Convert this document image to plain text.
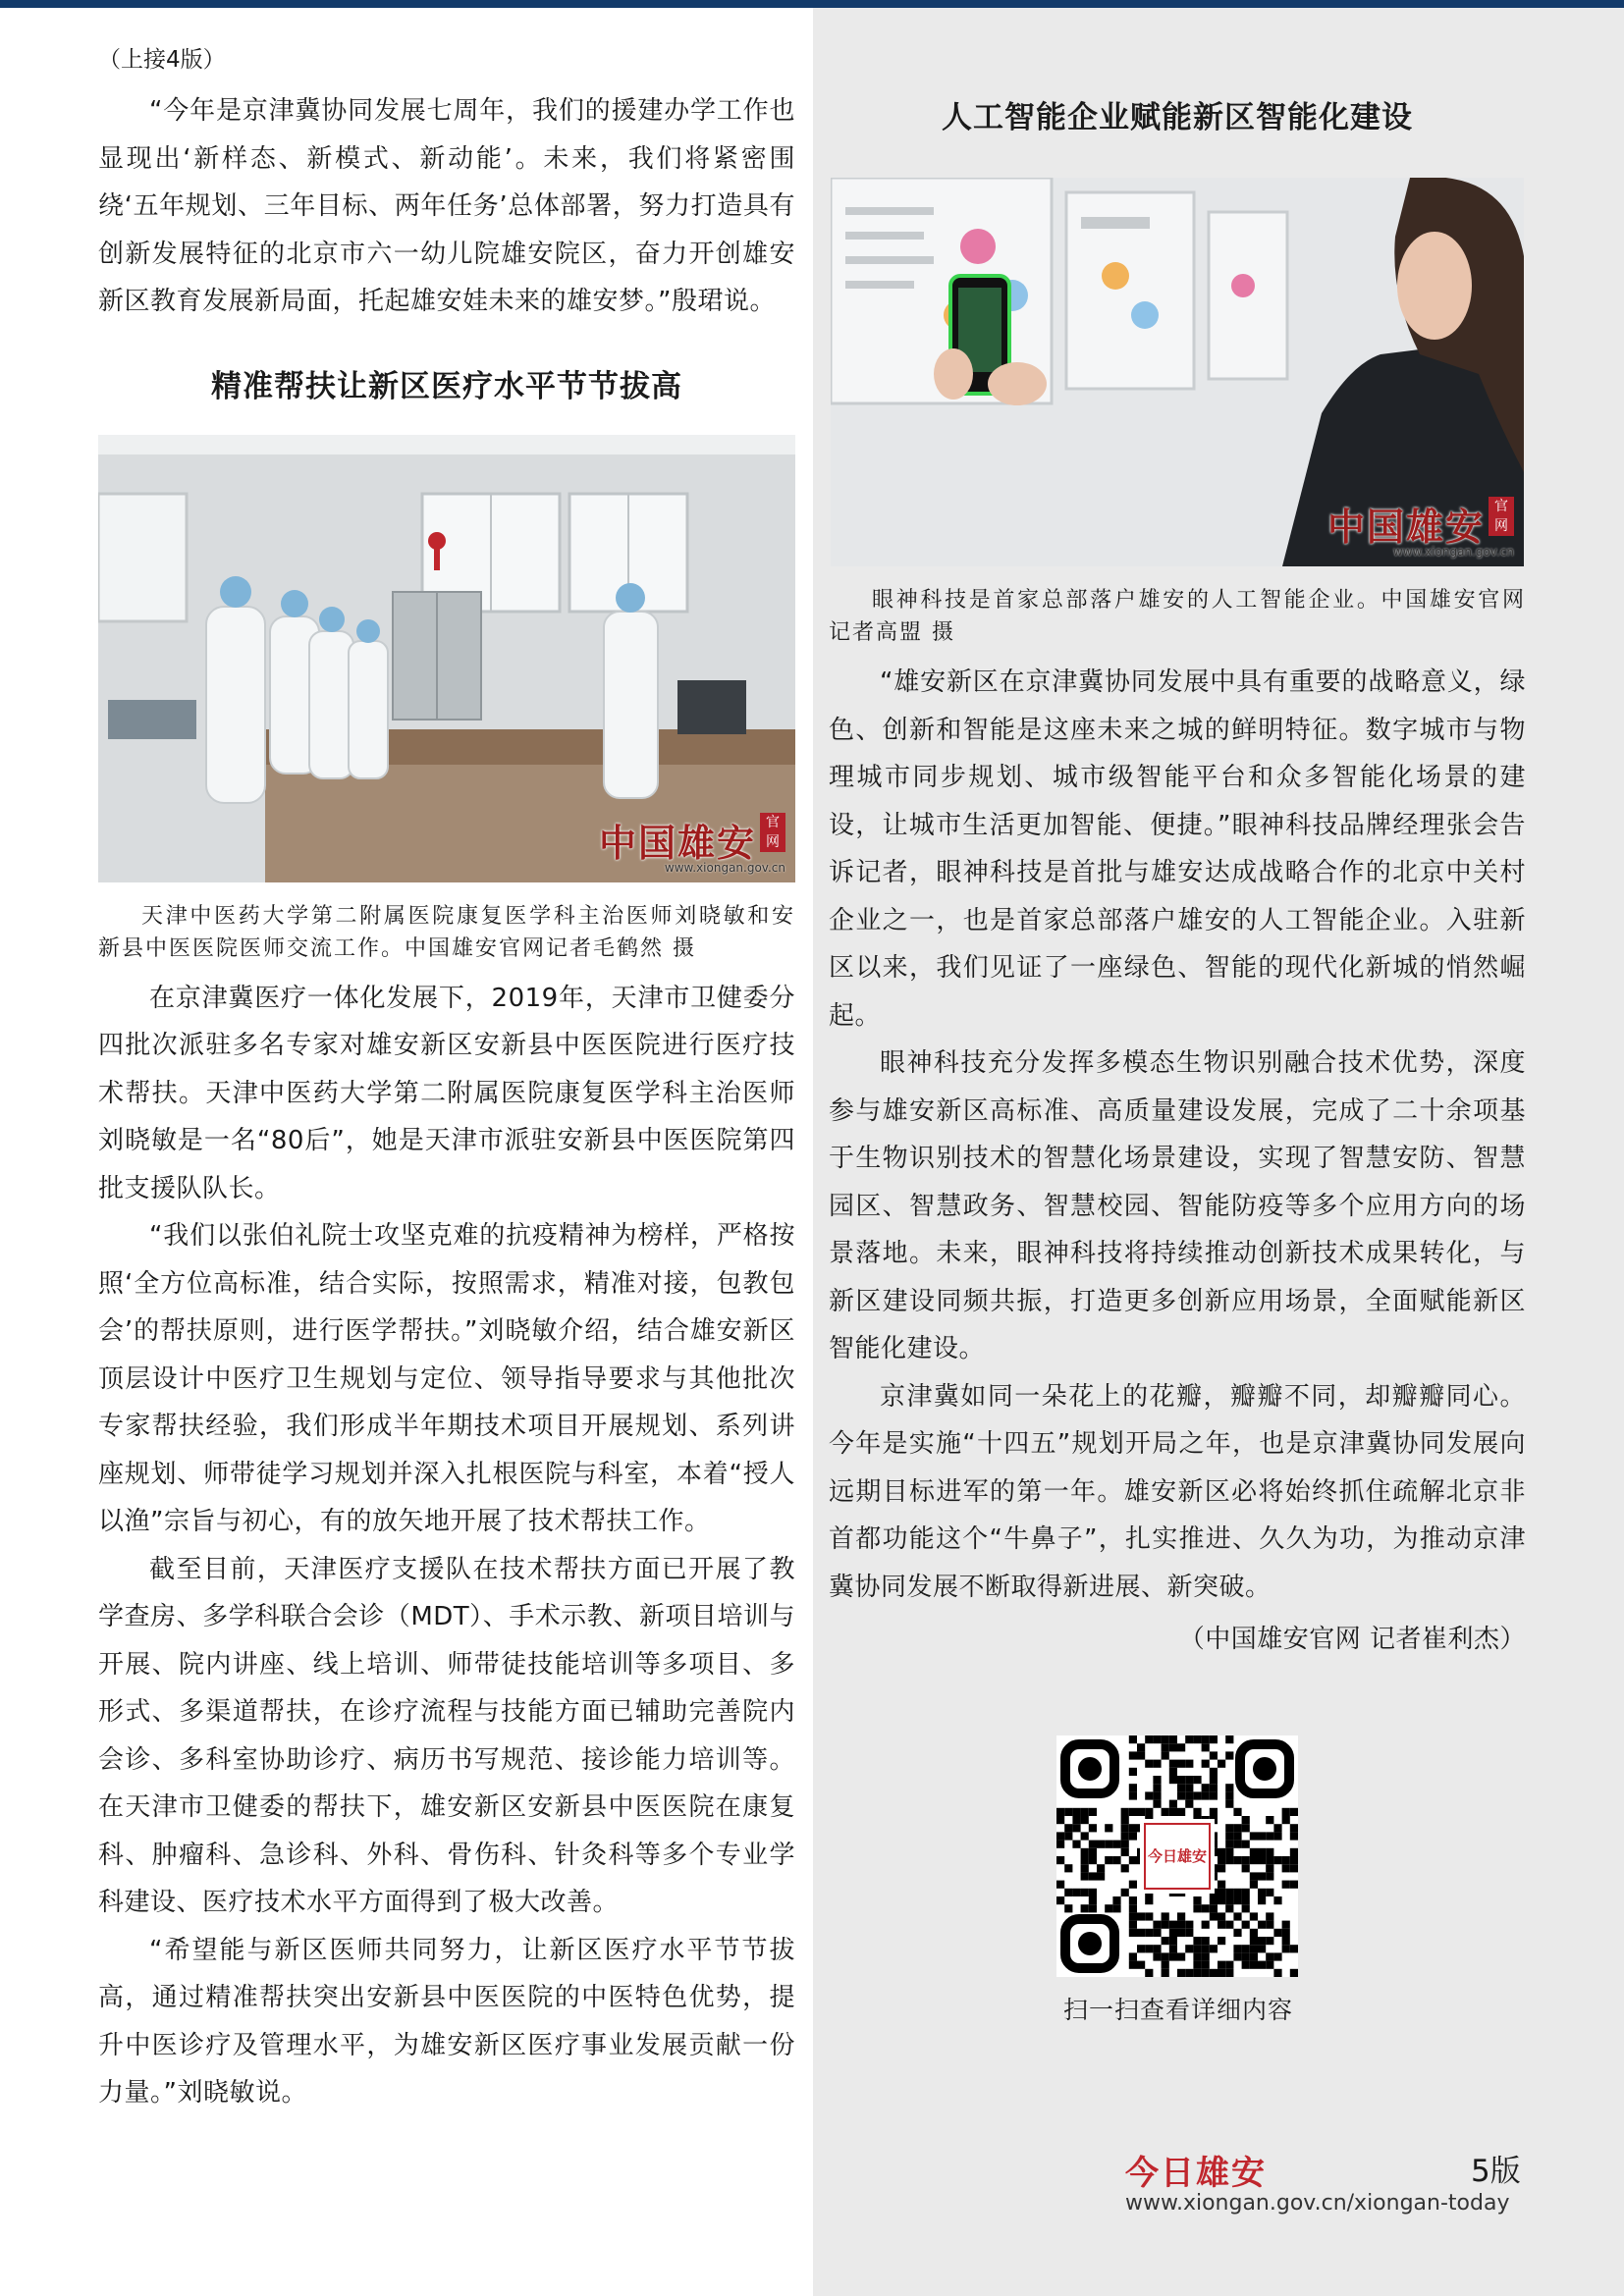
（上接4版）

“今年是京津冀协同发展七周年，我们的援建办学工作也显现出‘新样态、新模式、新动能’。未来，我们将紧密围绕‘五年规划、三年目标、两年任务’总体部署，努力打造具有创新发展特征的北京市六一幼儿院雄安院区，奋力开创雄安新区教育发展新局面，托起雄安娃未来的雄安梦。”殷珺说。

精准帮扶让新区医疗水平节节拔高
中国雄安 官网
www.xiongan.gov.cn
天津中医药大学第二附属医院康复医学科主治医师刘晓敏和安新县中医医院医师交流工作。中国雄安官网记者毛鹤然 摄

在京津冀医疗一体化发展下，2019年，天津市卫健委分四批次派驻多名专家对雄安新区安新县中医医院进行医疗技术帮扶。天津中医药大学第二附属医院康复医学科主治医师刘晓敏是一名“80后”，她是天津市派驻安新县中医医院第四批支援队队长。

“我们以张伯礼院士攻坚克难的抗疫精神为榜样，严格按照‘全方位高标准，结合实际，按照需求，精准对接，包教包会’的帮扶原则，进行医学帮扶。”刘晓敏介绍，结合雄安新区顶层设计中医疗卫生规划与定位、领导指导要求与其他批次专家帮扶经验，我们形成半年期技术项目开展规划、系列讲座规划、师带徒学习规划并深入扎根医院与科室，本着“授人以渔”宗旨与初心，有的放矢地开展了技术帮扶工作。

截至目前，天津医疗支援队在技术帮扶方面已开展了教学查房、多学科联合会诊（MDT）、手术示教、新项目培训与开展、院内讲座、线上培训、师带徒技能培训等多项目、多形式、多渠道帮扶，在诊疗流程与技能方面已辅助完善院内会诊、多科室协助诊疗、病历书写规范、接诊能力培训等。在天津市卫健委的帮扶下，雄安新区安新县中医医院在康复科、肿瘤科、急诊科、外科、骨伤科、针灸科等多个专业学科建设、医疗技术水平方面得到了极大改善。

“希望能与新区医师共同努力，让新区医疗水平节节拔高，通过精准帮扶突出安新县中医医院的中医特色优势，提升中医诊疗及管理水平，为雄安新区医疗事业发展贡献一份力量。”刘晓敏说。

人工智能企业赋能新区智能化建设
中国雄安 官网
www.xiongan.gov.cn
眼神科技是首家总部落户雄安的人工智能企业。中国雄安官网记者高盟 摄

“雄安新区在京津冀协同发展中具有重要的战略意义，绿色、创新和智能是这座未来之城的鲜明特征。数字城市与物理城市同步规划、城市级智能平台和众多智能化场景的建设，让城市生活更加智能、便捷。”眼神科技品牌经理张会告诉记者，眼神科技是首批与雄安达成战略合作的北京中关村企业之一，也是首家总部落户雄安的人工智能企业。入驻新区以来，我们见证了一座绿色、智能的现代化新城的悄然崛起。

眼神科技充分发挥多模态生物识别融合技术优势，深度参与雄安新区高标准、高质量建设发展，完成了二十余项基于生物识别技术的智慧化场景建设，实现了智慧安防、智慧园区、智慧政务、智慧校园、智能防疫等多个应用方向的场景落地。未来，眼神科技将持续推动创新技术成果转化，与新区建设同频共振，打造更多创新应用场景，全面赋能新区智能化建设。

京津冀如同一朵花上的花瓣，瓣瓣不同，却瓣瓣同心。今年是实施“十四五”规划开局之年，也是京津冀协同发展向远期目标进军的第一年。雄安新区必将始终抓住疏解北京非首都功能这个“牛鼻子”，扎实推进、久久为功，为推动京津冀协同发展不断取得新进展、新突破。

（中国雄安官网 记者崔利杰）
今日雄安
扫一扫查看详细内容
今日雄安	5版
www.xiongan.gov.cn/xiongan-today
